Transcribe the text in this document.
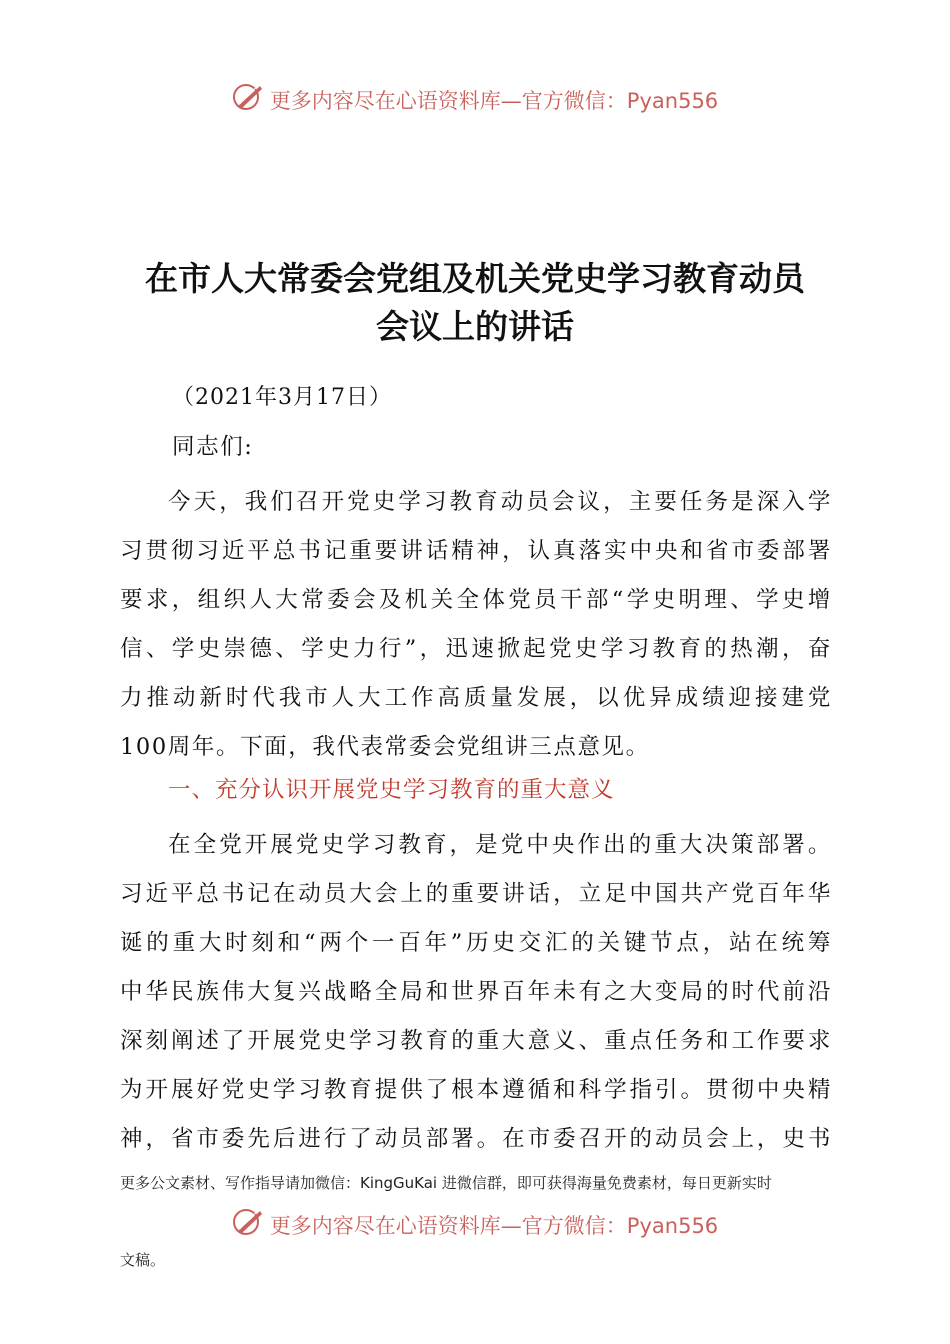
更多内容尽在心语资料库—官方微信：Pyan556
在市人大常委会党组及机关党史学习教育动员
会议上的讲话
（2021年3月17日）
同志们:
今天，我们召开党史学习教育动员会议，主要任务是深入学
习贯彻习近平总书记重要讲话精神，认真落实中央和省市委部署
要求，组织人大常委会及机关全体党员干部“学史明理、学史增
信、学史崇德、学史力行”，迅速掀起党史学习教育的热潮，奋
力推动新时代我市人大工作高质量发展，以优异成绩迎接建党
100周年。下面，我代表常委会党组讲三点意见。
一、充分认识开展党史学习教育的重大意义
在全党开展党史学习教育，是党中央作出的重大决策部署。
习近平总书记在动员大会上的重要讲话，立足中国共产党百年华
诞的重大时刻和“两个一百年”历史交汇的关键节点，站在统筹
中华民族伟大复兴战略全局和世界百年未有之大变局的时代前沿
深刻阐述了开展党史学习教育的重大意义、重点任务和工作要求
为开展好党史学习教育提供了根本遵循和科学指引。贯彻中央精
神，省市委先后进行了动员部署。在市委召开的动员会上，史书
更多公文素材、写作指导请加微信：KingGuKai 进微信群，即可获得海量免费素材，每日更新实时
更多内容尽在心语资料库—官方微信：Pyan556
文稿。
